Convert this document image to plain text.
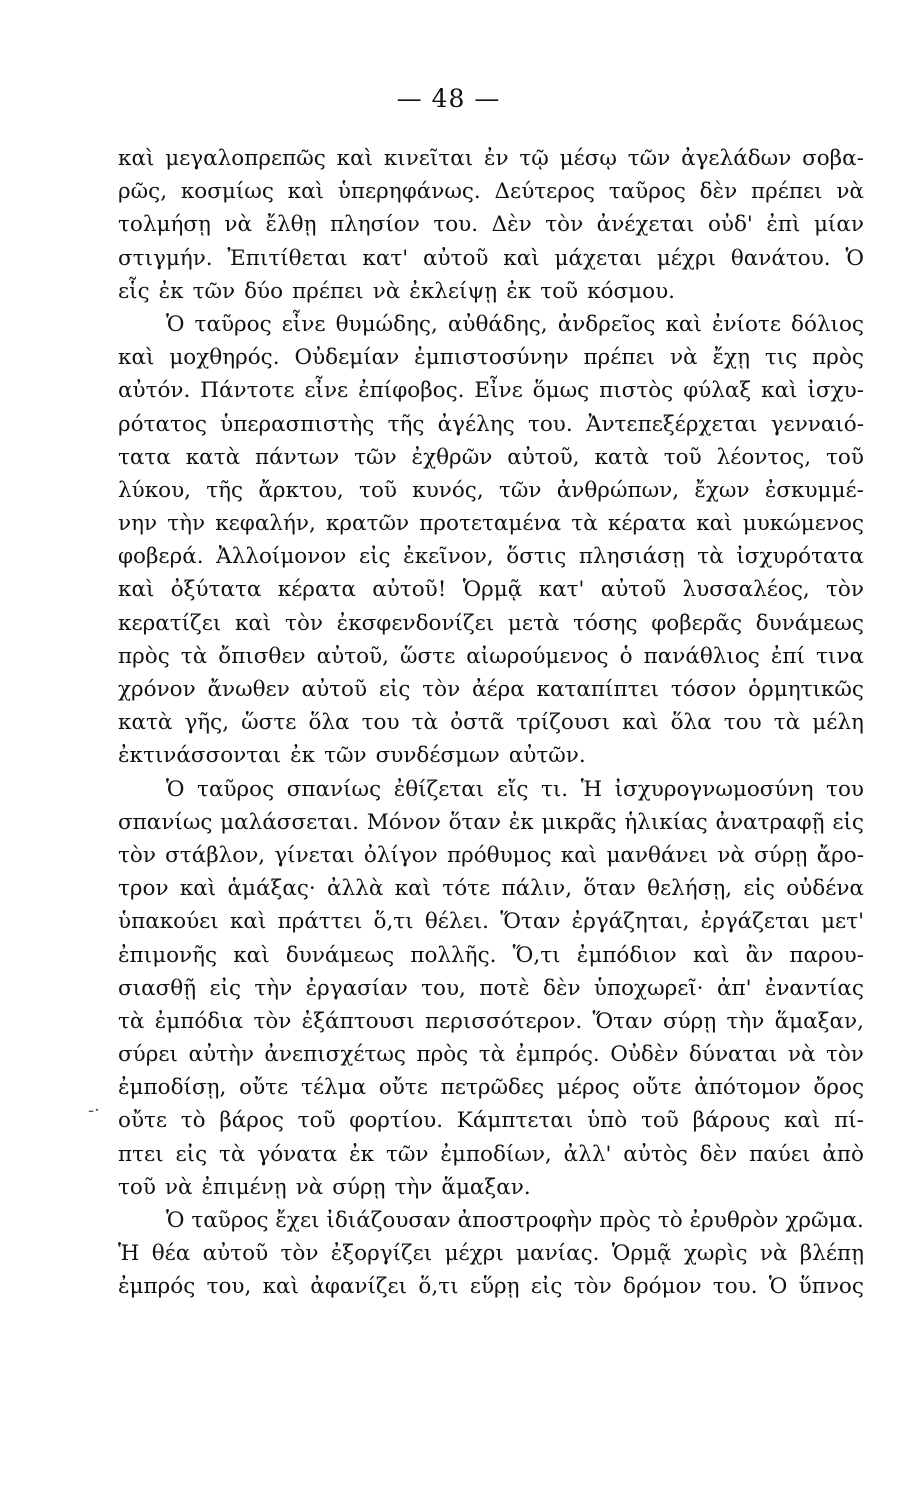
— 48 —
-·
καὶ μεγαλοπρεπῶς καὶ κινεῖται ἐν τῷ μέσῳ τῶν ἀγελάδων σοβα-
ρῶς, κοσμίως καὶ ὑπερηφάνως. Δεύτερος ταῦρος δὲν πρέπει νὰ
τολμήσῃ νὰ ἔλθῃ πλησίον του. Δὲν τὸν ἀνέχεται οὐδ' ἐπὶ μίαν
στιγμήν. Ἐπιτίθεται κατ' αὐτοῦ καὶ μάχεται μέχρι θανάτου. Ὁ
εἷς ἐκ τῶν δύο πρέπει νὰ ἐκλείψῃ ἐκ τοῦ κόσμου.
Ὁ ταῦρος εἶνε θυμώδης, αὐθάδης, ἀνδρεῖος καὶ ἐνίοτε δόλιος
καὶ μοχθηρός. Οὐδεμίαν ἐμπιστοσύνην πρέπει νὰ ἔχῃ τις πρὸς
αὐτόν. Πάντοτε εἶνε ἐπίφοβος. Εἶνε ὅμως πιστὸς φύλαξ καὶ ἰσχυ-
ρότατος ὑπερασπιστὴς τῆς ἀγέλης του. Ἀντεπεξέρχεται γενναιό-
τατα κατὰ πάντων τῶν ἐχθρῶν αὐτοῦ, κατὰ τοῦ λέοντος, τοῦ
λύκου, τῆς ἄρκτου, τοῦ κυνός, τῶν ἀνθρώπων, ἔχων ἐσκυμμέ-
νην τὴν κεφαλήν, κρατῶν προτεταμένα τὰ κέρατα καὶ μυκώμενος
φοβερά. Ἀλλοίμονον εἰς ἐκεῖνον, ὅστις πλησιάσῃ τὰ ἰσχυρότατα
καὶ ὀξύτατα κέρατα αὐτοῦ! Ὁρμᾷ κατ' αὐτοῦ λυσσαλέος, τὸν
κερατίζει καὶ τὸν ἐκσφενδονίζει μετὰ τόσης φοβερᾶς δυνάμεως
πρὸς τὰ ὄπισθεν αὐτοῦ, ὥστε αἰωρούμενος ὁ πανάθλιος ἐπί τινα
χρόνον ἄνωθεν αὐτοῦ εἰς τὸν ἀέρα καταπίπτει τόσον ὁρμητικῶς
κατὰ γῆς, ὥστε ὅλα του τὰ ὀστᾶ τρίζουσι καὶ ὅλα του τὰ μέλη
ἐκτινάσσονται ἐκ τῶν συνδέσμων αὐτῶν.
Ὁ ταῦρος σπανίως ἐθίζεται εἴς τι. Ἡ ἰσχυρογνωμοσύνη του
σπανίως μαλάσσεται. Μόνον ὅταν ἐκ μικρᾶς ἡλικίας ἀνατραφῇ εἰς
τὸν στάβλον, γίνεται ὀλίγον πρόθυμος καὶ μανθάνει νὰ σύρῃ ἄρο-
τρον καὶ ἁμάξας· ἀλλὰ καὶ τότε πάλιν, ὅταν θελήσῃ, εἰς οὐδένα
ὑπακούει καὶ πράττει ὅ,τι θέλει. Ὅταν ἐργάζηται, ἐργάζεται μετ'
ἐπιμονῆς καὶ δυνάμεως πολλῆς. Ὅ,τι ἐμπόδιον καὶ ἂν παρου-
σιασθῇ εἰς τὴν ἐργασίαν του, ποτὲ δὲν ὑποχωρεῖ· ἀπ' ἐναντίας
τὰ ἐμπόδια τὸν ἐξάπτουσι περισσότερον. Ὅταν σύρῃ τὴν ἅμαξαν,
σύρει αὐτὴν ἀνεπισχέτως πρὸς τὰ ἐμπρός. Οὐδὲν δύναται νὰ τὸν
ἐμποδίσῃ, οὔτε τέλμα οὔτε πετρῶδες μέρος οὔτε ἀπότομον ὄρος
οὔτε τὸ βάρος τοῦ φορτίου. Κάμπτεται ὑπὸ τοῦ βάρους καὶ πί-
πτει εἰς τὰ γόνατα ἐκ τῶν ἐμποδίων, ἀλλ' αὐτὸς δὲν παύει ἀπὸ
τοῦ νὰ ἐπιμένῃ νὰ σύρῃ τὴν ἅμαξαν.
Ὁ ταῦρος ἔχει ἰδιάζουσαν ἀποστροφὴν πρὸς τὸ ἐρυθρὸν χρῶμα.
Ἡ θέα αὐτοῦ τὸν ἐξοργίζει μέχρι μανίας. Ὁρμᾷ χωρὶς νὰ βλέπῃ
ἐμπρός του, καὶ ἀφανίζει ὅ,τι εὕρῃ εἰς τὸν δρόμον του. Ὁ ὕπνος
